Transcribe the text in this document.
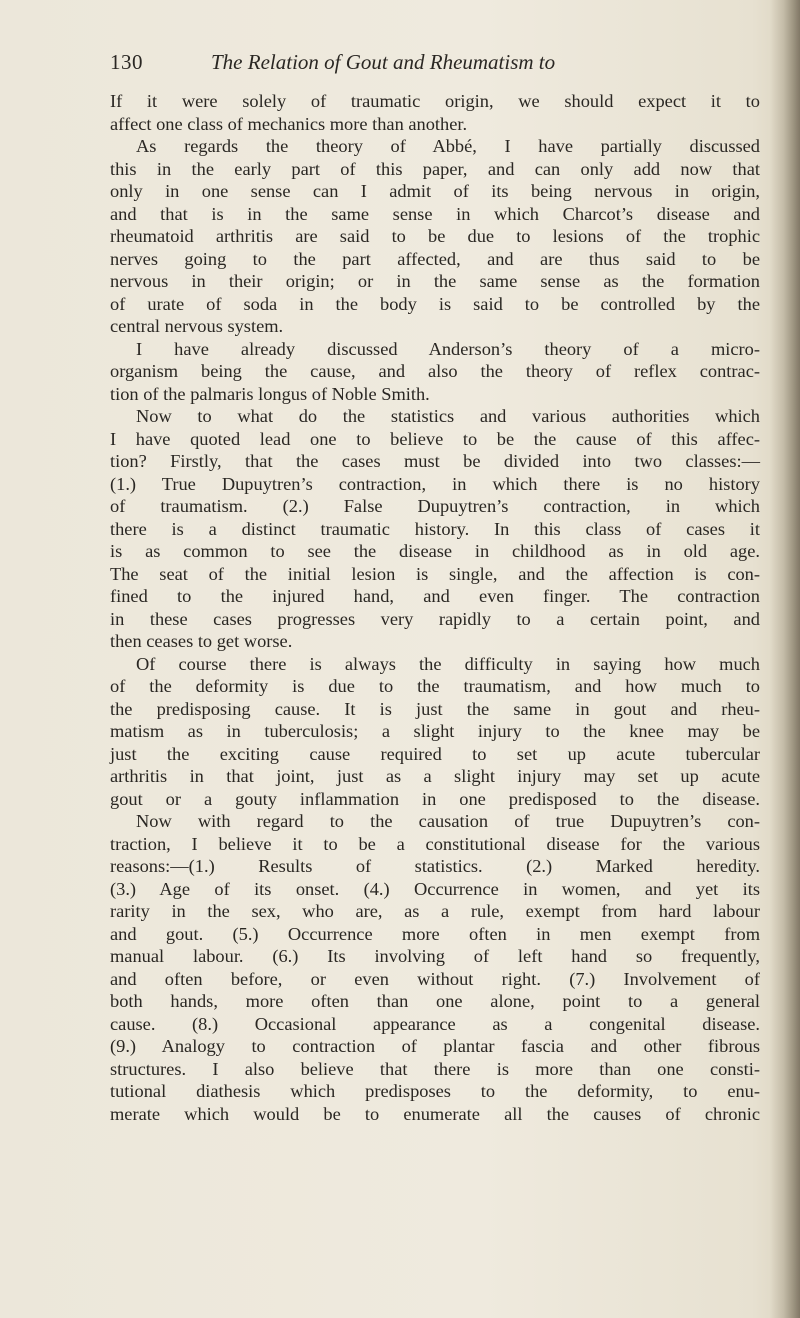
130	The Relation of Gout and Rheumatism to
If it were solely of traumatic origin, we should expect it to
affect one class of mechanics more than another.
As regards the theory of Abbé, I have partially discussed
this in the early part of this paper, and can only add now that
only in one sense can I admit of its being nervous in origin,
and that is in the same sense in which Charcot’s disease and
rheumatoid arthritis are said to be due to lesions of the trophic
nerves going to the part affected, and are thus said to be
nervous in their origin; or in the same sense as the formation
of urate of soda in the body is said to be controlled by the
central nervous system.
I have already discussed Anderson’s theory of a micro-
organism being the cause, and also the theory of reflex contrac-
tion of the palmaris longus of Noble Smith.
Now to what do the statistics and various authorities which
I have quoted lead one to believe to be the cause of this affec-
tion? Firstly, that the cases must be divided into two classes:—
(1.) True Dupuytren’s contraction, in which there is no history
of traumatism. (2.) False Dupuytren’s contraction, in which
there is a distinct traumatic history. In this class of cases it
is as common to see the disease in childhood as in old age.
The seat of the initial lesion is single, and the affection is con-
fined to the injured hand, and even finger. The contraction
in these cases progresses very rapidly to a certain point, and
then ceases to get worse.
Of course there is always the difficulty in saying how much
of the deformity is due to the traumatism, and how much to
the predisposing cause. It is just the same in gout and rheu-
matism as in tuberculosis; a slight injury to the knee may be
just the exciting cause required to set up acute tubercular
arthritis in that joint, just as a slight injury may set up acute
gout or a gouty inflammation in one predisposed to the disease.
Now with regard to the causation of true Dupuytren’s con-
traction, I believe it to be a constitutional disease for the various
reasons:—(1.) Results of statistics. (2.) Marked heredity.
(3.) Age of its onset. (4.) Occurrence in women, and yet its
rarity in the sex, who are, as a rule, exempt from hard labour
and gout. (5.) Occurrence more often in men exempt from
manual labour. (6.) Its involving of left hand so frequently,
and often before, or even without right. (7.) Involvement of
both hands, more often than one alone, point to a general
cause. (8.) Occasional appearance as a congenital disease.
(9.) Analogy to contraction of plantar fascia and other fibrous
structures. I also believe that there is more than one consti-
tutional diathesis which predisposes to the deformity, to enu-
merate which would be to enumerate all the causes of chronic
